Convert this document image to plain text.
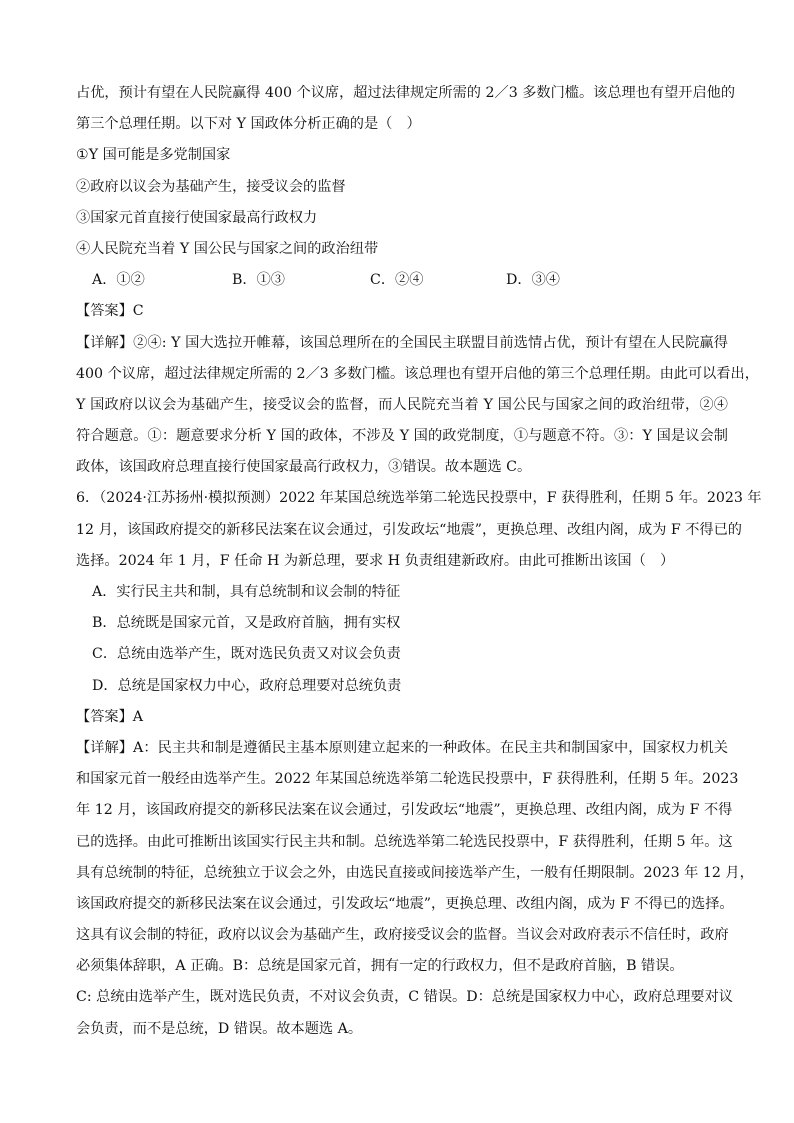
占优，预计有望在人民院赢得 400 个议席，超过法律规定所需的 2／3 多数门槛。该总理也有望开启他的
第三个总理任期。以下对 Y 国政体分析正确的是（　）
①Y 国可能是多党制国家
②政府以议会为基础产生，接受议会的监督
③国家元首直接行使国家最高行政权力
④人民院充当着 Y 国公民与国家之间的政治纽带
A．①②	B．①③	C．②④	D．③④
【答案】C
【详解】②④: Y 国大选拉开帷幕，该国总理所在的全国民主联盟目前选情占优，预计有望在人民院赢得
400 个议席，超过法律规定所需的 2／3 多数门槛。该总理也有望开启他的第三个总理任期。由此可以看出，
Y 国政府以议会为基础产生，接受议会的监督，而人民院充当着 Y 国公民与国家之间的政治纽带，②④
符合题意。①：题意要求分析 Y 国的政体，不涉及 Y 国的政党制度，①与题意不符。③：Y 国是议会制
政体，该国政府总理直接行使国家最高行政权力，③错误。故本题选 C。
6．（2024·江苏扬州·模拟预测）2022 年某国总统选举第二轮选民投票中，F 获得胜利，任期 5 年。2023 年
12 月，该国政府提交的新移民法案在议会通过，引发政坛“地震”，更换总理、改组内阁，成为 F 不得已的
选择。2024 年 1 月，F 任命 H 为新总理，要求 H 负责组建新政府。由此可推断出该国（　）
A．实行民主共和制，具有总统制和议会制的特征
B．总统既是国家元首，又是政府首脑，拥有实权
C．总统由选举产生，既对选民负责又对议会负责
D．总统是国家权力中心，政府总理要对总统负责
【答案】A
【详解】A：民主共和制是遵循民主基本原则建立起来的一种政体。在民主共和制国家中，国家权力机关
和国家元首一般经由选举产生。2022 年某国总统选举第二轮选民投票中，F 获得胜利，任期 5 年。2023
年 12 月，该国政府提交的新移民法案在议会通过，引发政坛“地震”，更换总理、改组内阁，成为 F 不得
已的选择。由此可推断出该国实行民主共和制。总统选举第二轮选民投票中，F 获得胜利，任期 5 年。这
具有总统制的特征，总统独立于议会之外，由选民直接或间接选举产生，一般有任期限制。2023 年 12 月，
该国政府提交的新移民法案在议会通过，引发政坛“地震”，更换总理、改组内阁，成为 F 不得已的选择。
这具有议会制的特征，政府以议会为基础产生，政府接受议会的监督。当议会对政府表示不信任时，政府
必须集体辞职，A 正确。B：总统是国家元首，拥有一定的行政权力，但不是政府首脑，B 错误。
C: 总统由选举产生，既对选民负责，不对议会负责，C 错误。D：总统是国家权力中心，政府总理要对议
会负责，而不是总统，D 错误。故本题选 A。
